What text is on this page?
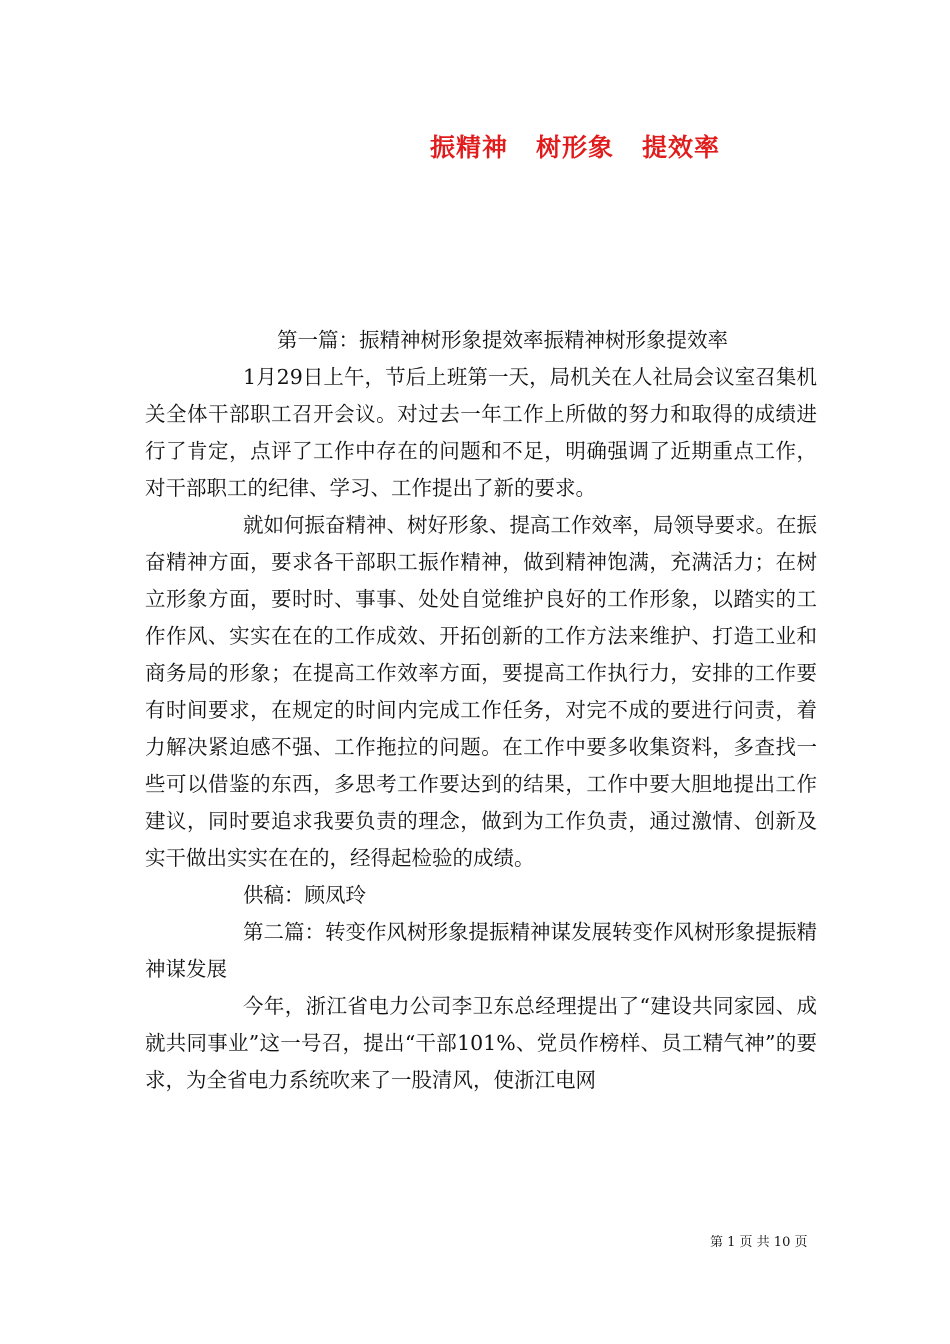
振精神 树形象 提效率

第一篇：振精神树形象提效率振精神树形象提效率

1月29日上午，节后上班第一天，局机关在人社局会议室召集机关全体干部职工召开会议。对过去一年工作上所做的努力和取得的成绩进行了肯定，点评了工作中存在的问题和不足，明确强调了近期重点工作，对干部职工的纪律、学习、工作提出了新的要求。

就如何振奋精神、树好形象、提高工作效率，局领导要求。在振奋精神方面，要求各干部职工振作精神，做到精神饱满，充满活力；在树立形象方面，要时时、事事、处处自觉维护良好的工作形象，以踏实的工作作风、实实在在的工作成效、开拓创新的工作方法来维护、打造工业和商务局的形象；在提高工作效率方面，要提高工作执行力，安排的工作要有时间要求，在规定的时间内完成工作任务，对完不成的要进行问责，着力解决紧迫感不强、工作拖拉的问题。在工作中要多收集资料，多查找一些可以借鉴的东西，多思考工作要达到的结果，工作中要大胆地提出工作建议，同时要追求我要负责的理念，做到为工作负责，通过激情、创新及实干做出实实在在的，经得起检验的成绩。

供稿：顾凤玲

第二篇：转变作风树形象提振精神谋发展转变作风树形象提振精神谋发展

今年，浙江省电力公司李卫东总经理提出了“建设共同家园、成就共同事业”这一号召，提出“干部101%、党员作榜样、员工精气神”的要求，为全省电力系统吹来了一股清风，使浙江电网

第 1 页 共 10 页
